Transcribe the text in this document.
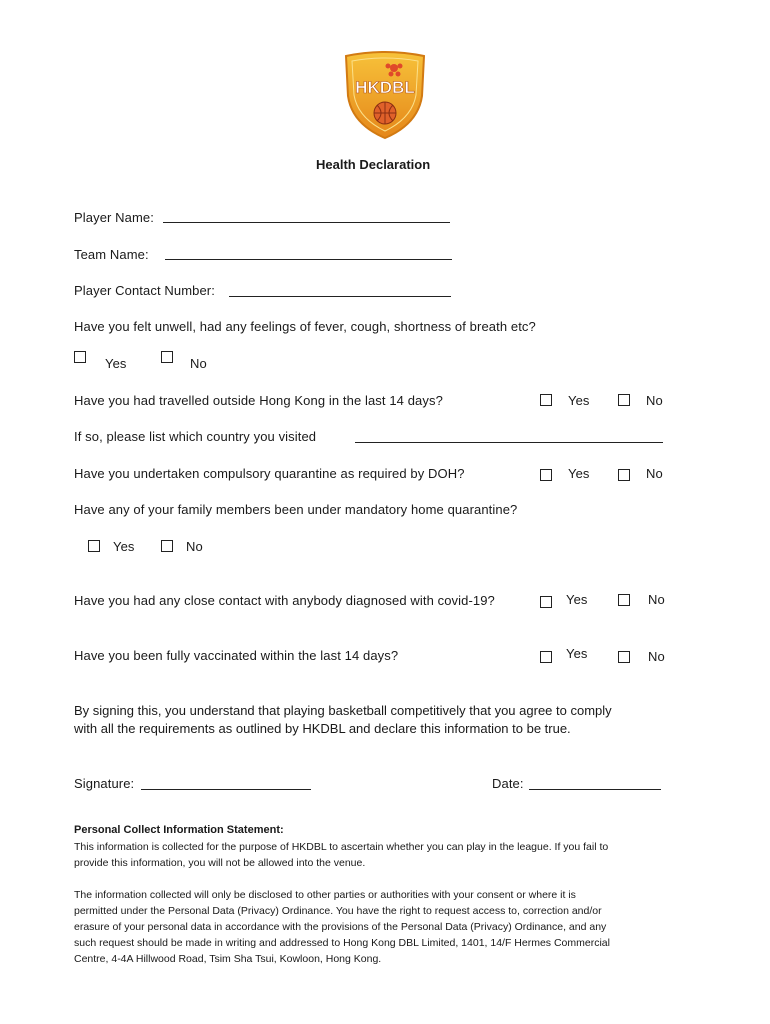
HKDBL
Health Declaration
Player Name:
Team Name:
Player Contact Number:
Have you felt unwell, had any feelings of fever, cough, shortness of breath etc?
Yes	No
Have you had travelled outside Hong Kong in the last 14 days?	Yes	No
If so, please list which country you visited
Have you undertaken compulsory quarantine as required by DOH?	Yes	No
Have any of your family members been under mandatory home quarantine?
Yes	No
Have you had any close contact with anybody diagnosed with covid-19?	Yes	No
Have you been fully vaccinated within the last 14 days?	Yes	No
By signing this, you understand that playing basketball competitively that you agree to comply
with all the requirements as outlined by HKDBL and declare this information to be true.
Signature:	Date:
Personal Collect Information Statement:
This information is collected for the purpose of HKDBL to ascertain whether you can play in the league. If you fail to
provide this information, you will not be allowed into the venue.
The information collected will only be disclosed to other parties or authorities with your consent or where it is
permitted under the Personal Data (Privacy) Ordinance. You have the right to request access to, correction and/or
erasure of your personal data in accordance with the provisions of the Personal Data (Privacy) Ordinance, and any
such request should be made in writing and addressed to Hong Kong DBL Limited, 1401, 14/F Hermes Commercial
Centre, 4-4A Hillwood Road, Tsim Sha Tsui, Kowloon, Hong Kong.
